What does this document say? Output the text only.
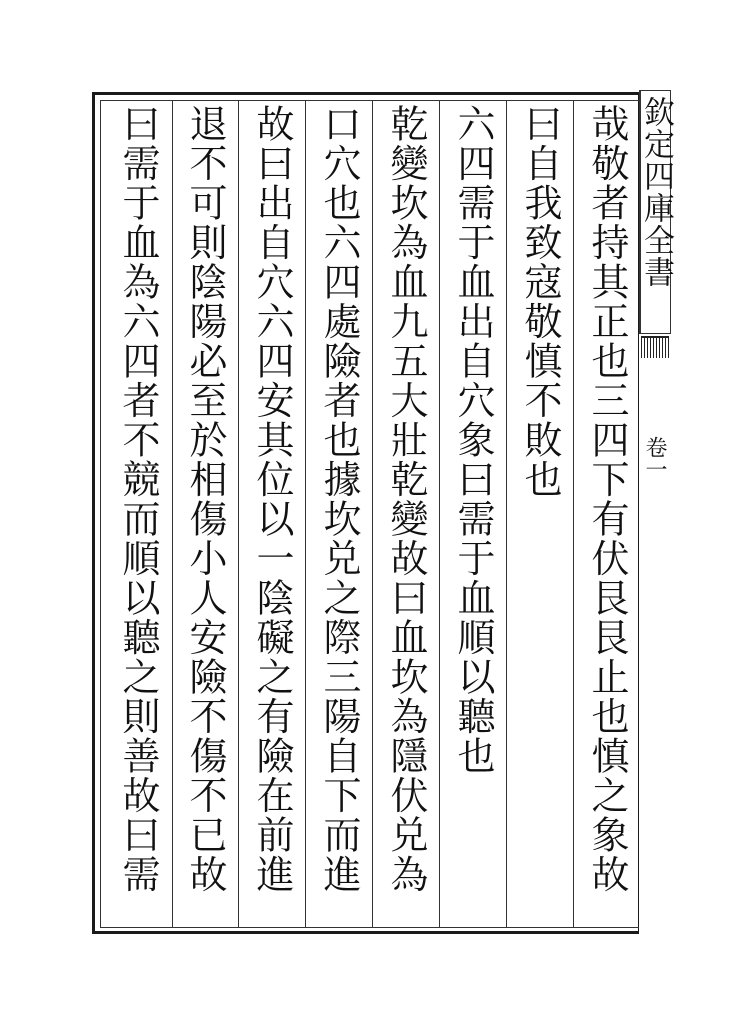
欽定四庫全書
卷一
哉敬者持其正也三四下有伏艮艮止也慎之象故
曰自我致寇敬慎不敗也
六四需于血出自穴象曰需于血順以聽也
乾變坎為血九五大壯乾變故曰血坎為隱伏兑為
口穴也六四處險者也據坎兑之際三陽自下而進
故曰出自穴六四安其位以一陰礙之有險在前進
退不可則陰陽必至於相傷小人安險不傷不已故
曰需于血為六四者不競而順以聽之則善故曰需
